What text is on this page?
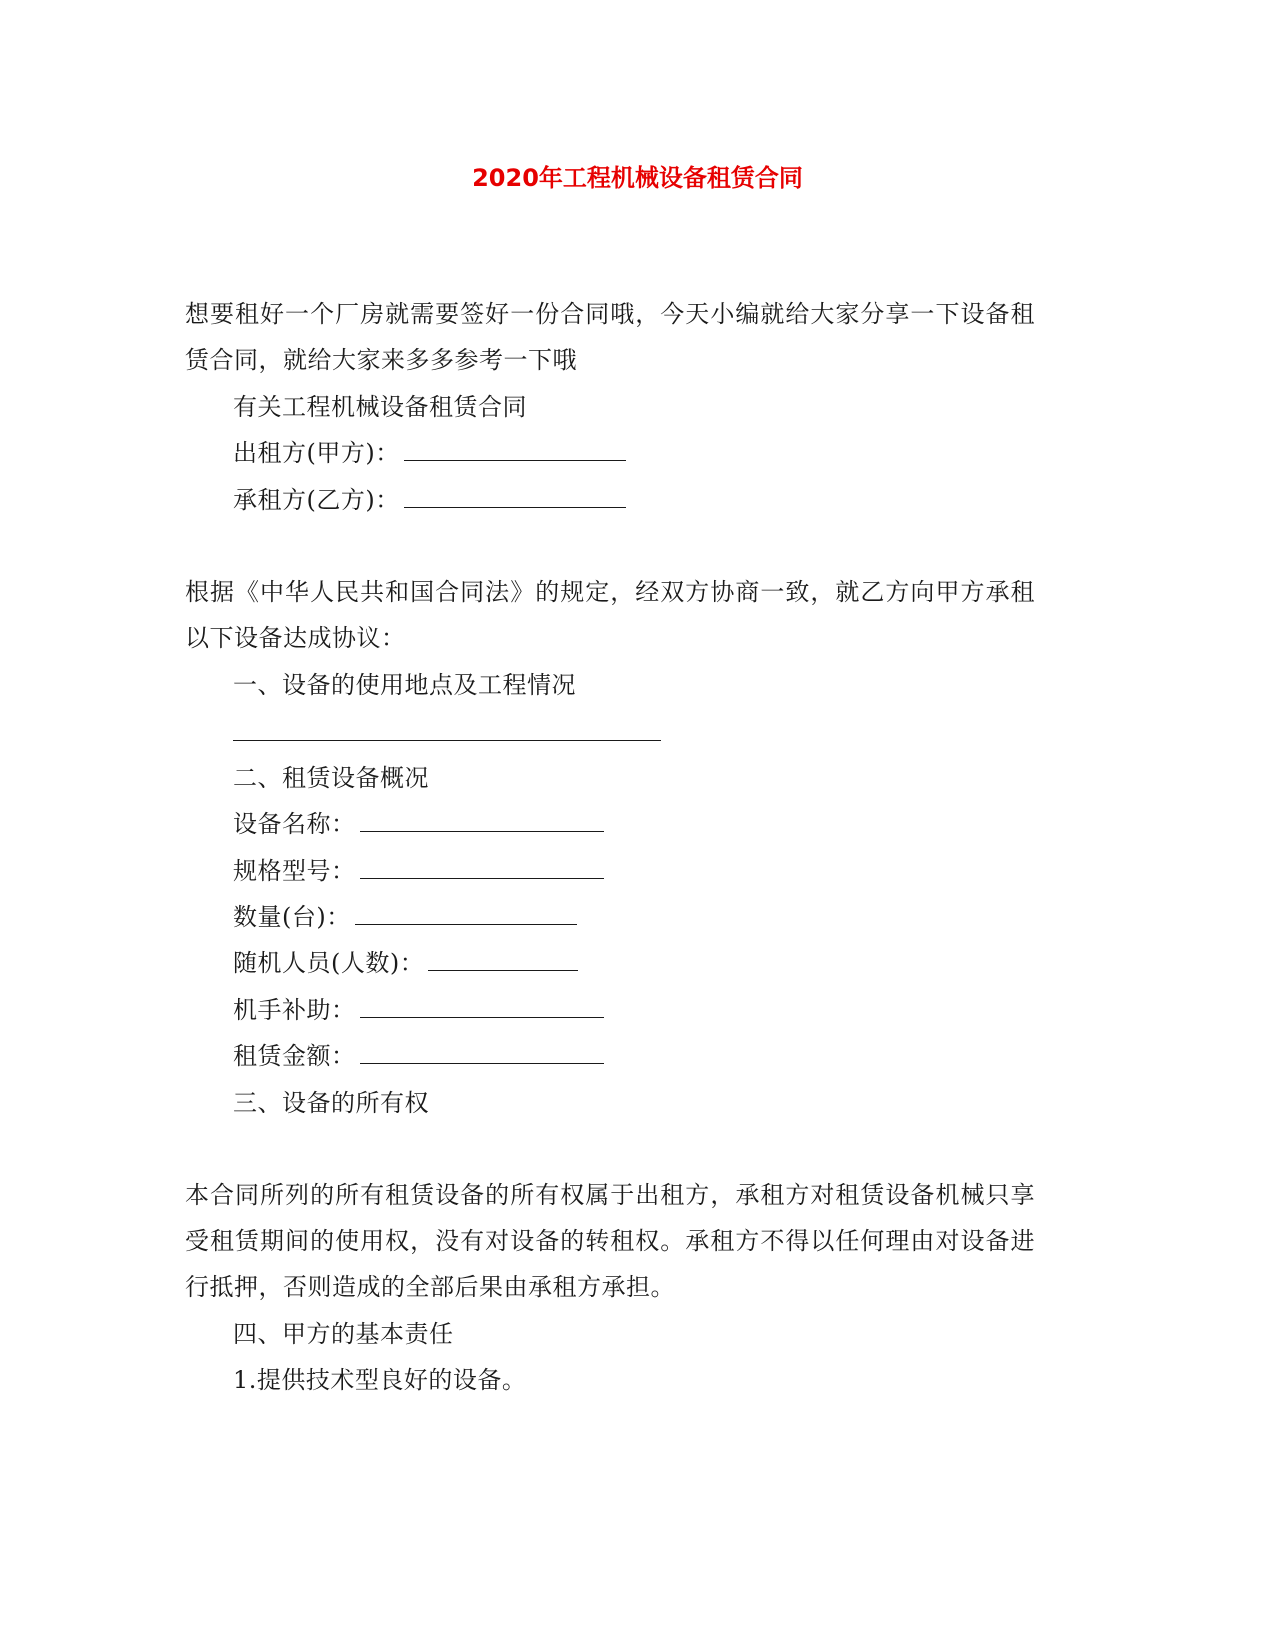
2020年工程机械设备租赁合同
想要租好一个厂房就需要签好一份合同哦，今天小编就给大家分享一下设备租赁合同，就给大家来多多参考一下哦
有关工程机械设备租赁合同
出租方(甲方)：
承租方(乙方)：
根据《中华人民共和国合同法》的规定，经双方协商一致，就乙方向甲方承租以下设备达成协议：
一、设备的使用地点及工程情况
二、租赁设备概况
设备名称：
规格型号：
数量(台)：
随机人员(人数)：
机手补助：
租赁金额：
三、设备的所有权
本合同所列的所有租赁设备的所有权属于出租方，承租方对租赁设备机械只享受租赁期间的使用权，没有对设备的转租权。承租方不得以任何理由对设备进行抵押，否则造成的全部后果由承租方承担。
四、甲方的基本责任
1.提供技术型良好的设备。
